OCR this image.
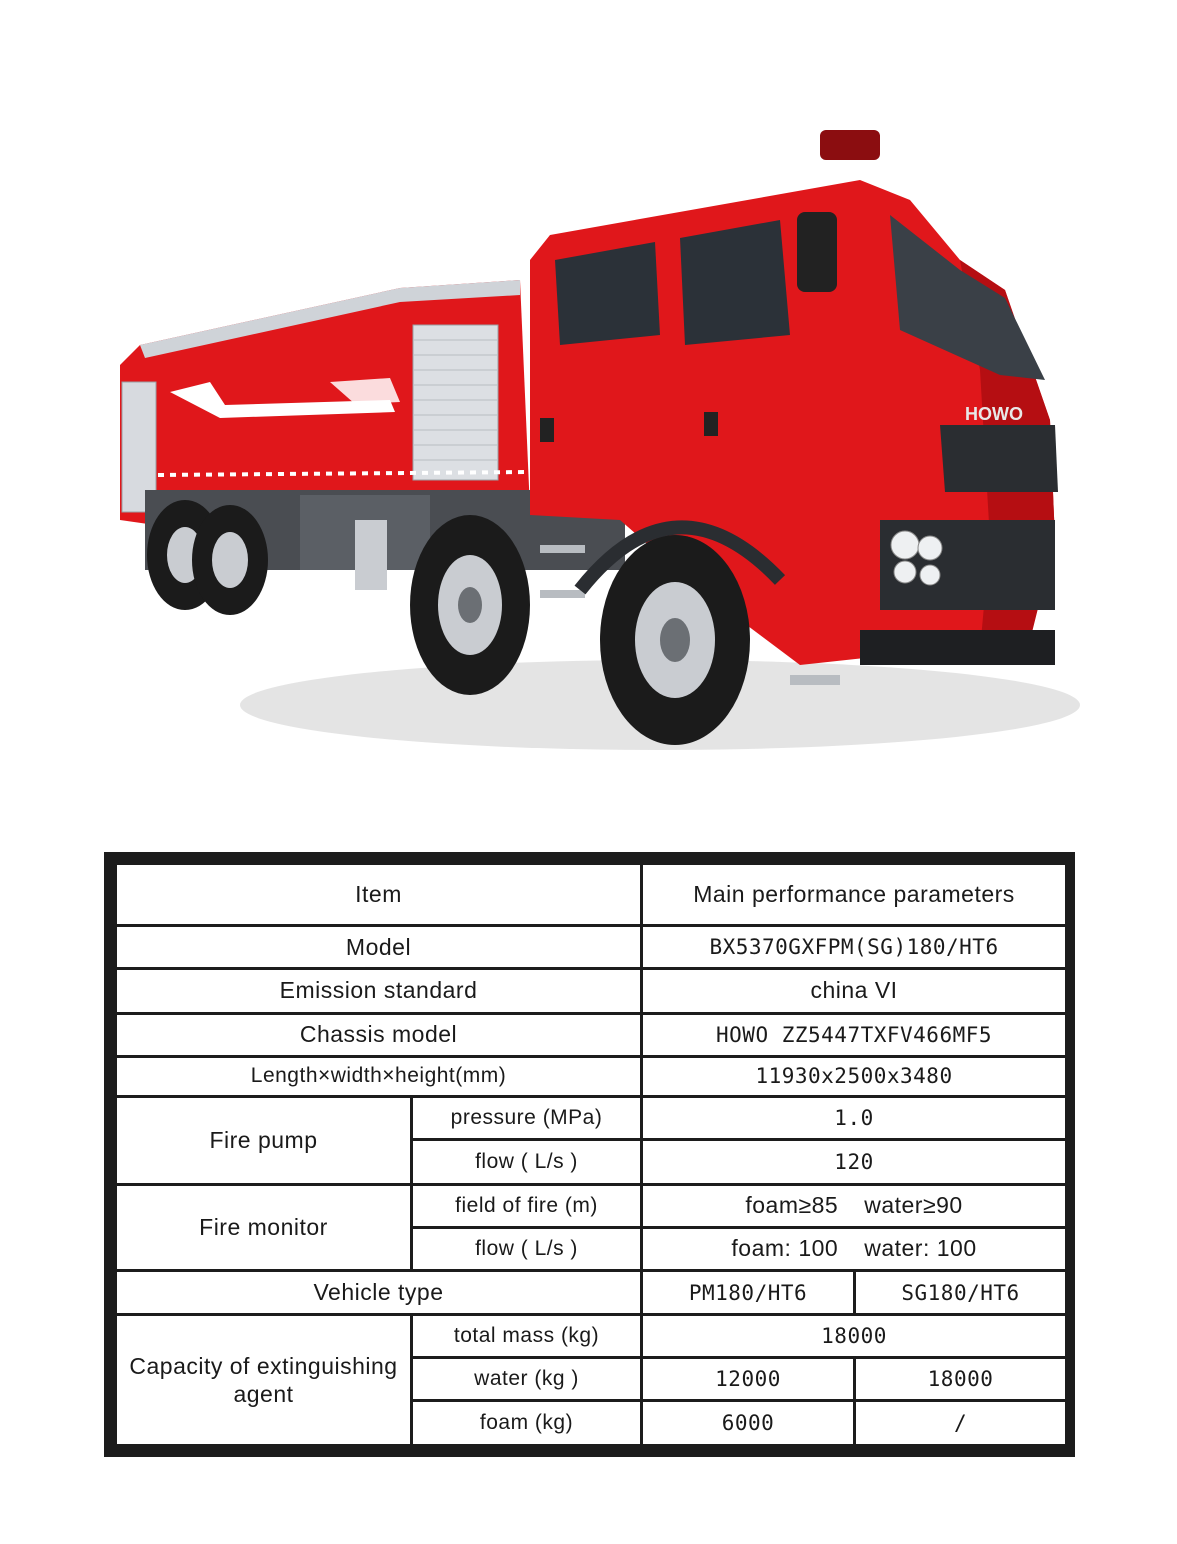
HOWO
Item		Main performance parameters	
Model		BX5370GXFPM(SG)180/HT6	
Emission standard		china VI	
Chassis model		HOWO ZZ5447TXFV466MF5	
Length×width×height(mm)		11930x2500x3480	
Fire pump	pressure (MPa)	1.0	
	flow ( L/s )	120	
Fire monitor	field of fire (m)	foam≥85 water≥90	
	flow ( L/s )	foam: 100 water: 100	
Vehicle type		PM180/HT6	SG180/HT6
Capacity of extinguishing agent	total mass (kg)	18000	
	water (kg )	12000	18000
	foam (kg)	6000	/
